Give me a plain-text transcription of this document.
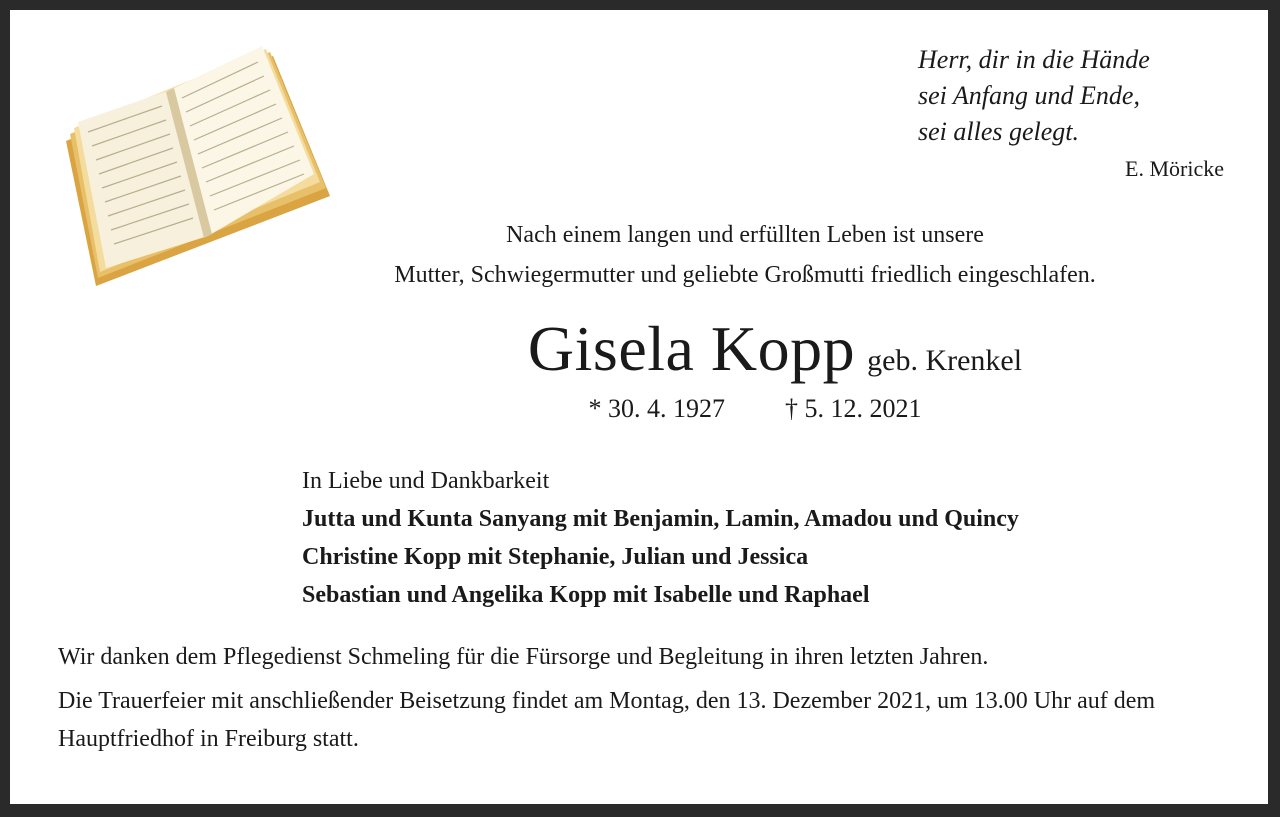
Herr, dir in die Hände
sei Anfang und Ende,
sei alles gelegt.
E. Möricke
Nach einem langen und erfüllten Leben ist unsere
Mutter, Schwiegermutter und geliebte Großmutti friedlich eingeschlafen.
Gisela Kopp geb. Krenkel
* 30. 4. 1927 † 5. 12. 2021
In Liebe und Dankbarkeit
Jutta und Kunta Sanyang mit Benjamin, Lamin, Amadou und Quincy
Christine Kopp mit Stephanie, Julian und Jessica
Sebastian und Angelika Kopp mit Isabelle und Raphael

Wir danken dem Pflegedienst Schmeling für die Fürsorge und Begleitung in ihren letzten Jahren.

Die Trauerfeier mit anschließender Beisetzung findet am Montag, den 13. Dezember 2021, um 13.00 Uhr auf dem Hauptfriedhof in Freiburg statt.
